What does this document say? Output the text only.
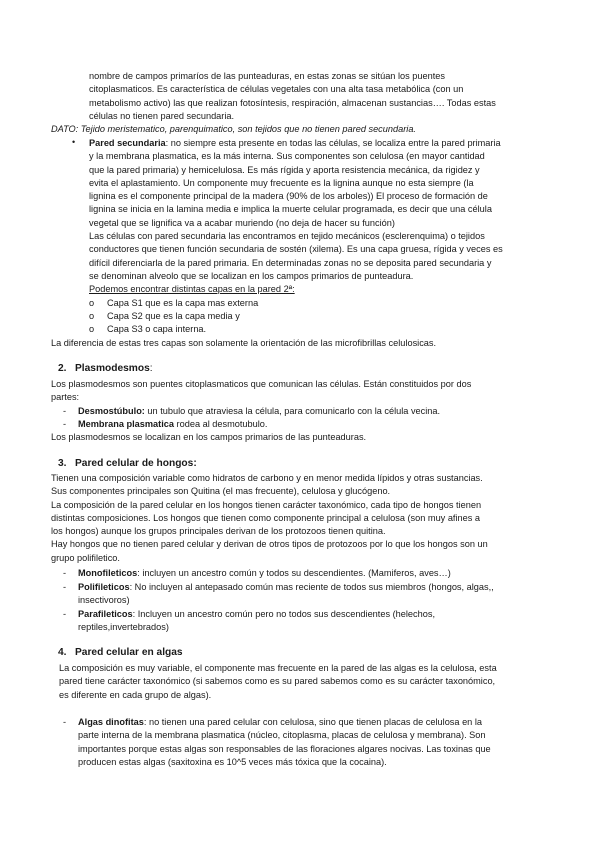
nombre de campos primaríos de las punteaduras, en estas zonas se sitúan los puentes
citoplasmaticos. Es característica de células vegetales con una alta tasa metabólica (con un
metabolismo activo) las que realizan fotosíntesis, respiración, almacenan sustancias…. Todas estas
células no tienen pared secundaria.
DATO: Tejido meristematico, parenquimatico, son tejidos que no tienen pared secundaria.
• Pared secundaria: no siempre esta presente en todas las células, se localiza entre la pared primaria
y la membrana plasmatica, es la más interna. Sus componentes son celulosa (en mayor cantidad
que la pared primaria) y hemicelulosa. Es más rígida y aporta resistencia mecánica, da rigidez y
evita el aplastamiento. Un componente muy frecuente es la lignina aunque no esta siempre (la
lignina es el componente principal de la madera (90% de los arboles)) El proceso de formación de
lignina se inicia en la lamina media e implica la muerte celular programada, es decir que una célula
vegetal que se lignifica va a acabar muriendo (no deja de hacer su función)
Las células con pared secundaria las encontramos en tejido mecánicos (esclerenquima) o tejidos
conductores que tienen función secundaria de sostén (xilema). Es una capa gruesa, rígida y veces es
difícil diferenciarla de la pared primaria. En determinadas zonas no se deposita pared secundaria y
se denominan alveolo que se localizan en los campos primarios de punteadura.
Podemos encontrar distintas capas en la pared 2ª:
o Capa S1 que es la capa mas externa
o Capa S2 que es la capa media y
o Capa S3 o capa interna.
La diferencia de estas tres capas son solamente la orientación de las microfibrillas celulosicas.
2. Plasmodesmos:
Los plasmodesmos son puentes citoplasmaticos que comunican las células. Están constituidos por dos
partes:
- Desmostúbulo: un tubulo que atraviesa la célula, para comunicarlo con la célula vecina.
- Membrana plasmatica rodea al desmotubulo.
Los plasmodesmos se localizan en los campos primarios de las punteaduras.
3. Pared celular de hongos:
Tienen una composición variable como hidratos de carbono y en menor medida lípidos y otras sustancias.
Sus componentes principales son Quitina (el mas frecuente), celulosa y glucógeno.
La composición de la pared celular en los hongos tienen carácter taxonómico, cada tipo de hongos tienen
distintas composiciones. Los hongos que tienen como componente principal a celulosa (son muy afines a
los hongos) aunque los grupos principales derivan de los protozoos tienen quitina.
Hay hongos que no tienen pared celular y derivan de otros tipos de protozoos por lo que los hongos son un
grupo polifiletico.
- Monofileticos: incluyen un ancestro común y todos su descendientes. (Mamiferos, aves…)
- Polifileticos: No incluyen al antepasado común mas reciente de todos sus miembros (hongos, algas,,
insectivoros)
- Parafileticos: Incluyen un ancestro común pero no todos sus descendientes (helechos,
reptiles,invertebrados)
4. Pared celular en algas
La composición es muy variable, el componente mas frecuente en la pared de las algas es la celulosa, esta
pared tiene carácter taxonómico (si sabemos como es su pared sabemos como es su carácter taxonómico,
es diferente en cada grupo de algas).
- Algas dinofitas: no tienen una pared celular con celulosa, sino que tienen placas de celulosa en la
parte interna de la membrana plasmatica (núcleo, citoplasma, placas de celulosa y membrana). Son
importantes porque estas algas son responsables de las floraciones algares nocivas. Las toxinas que
producen estas algas (saxitoxina es 10^5 veces más tóxica que la cocaina).
